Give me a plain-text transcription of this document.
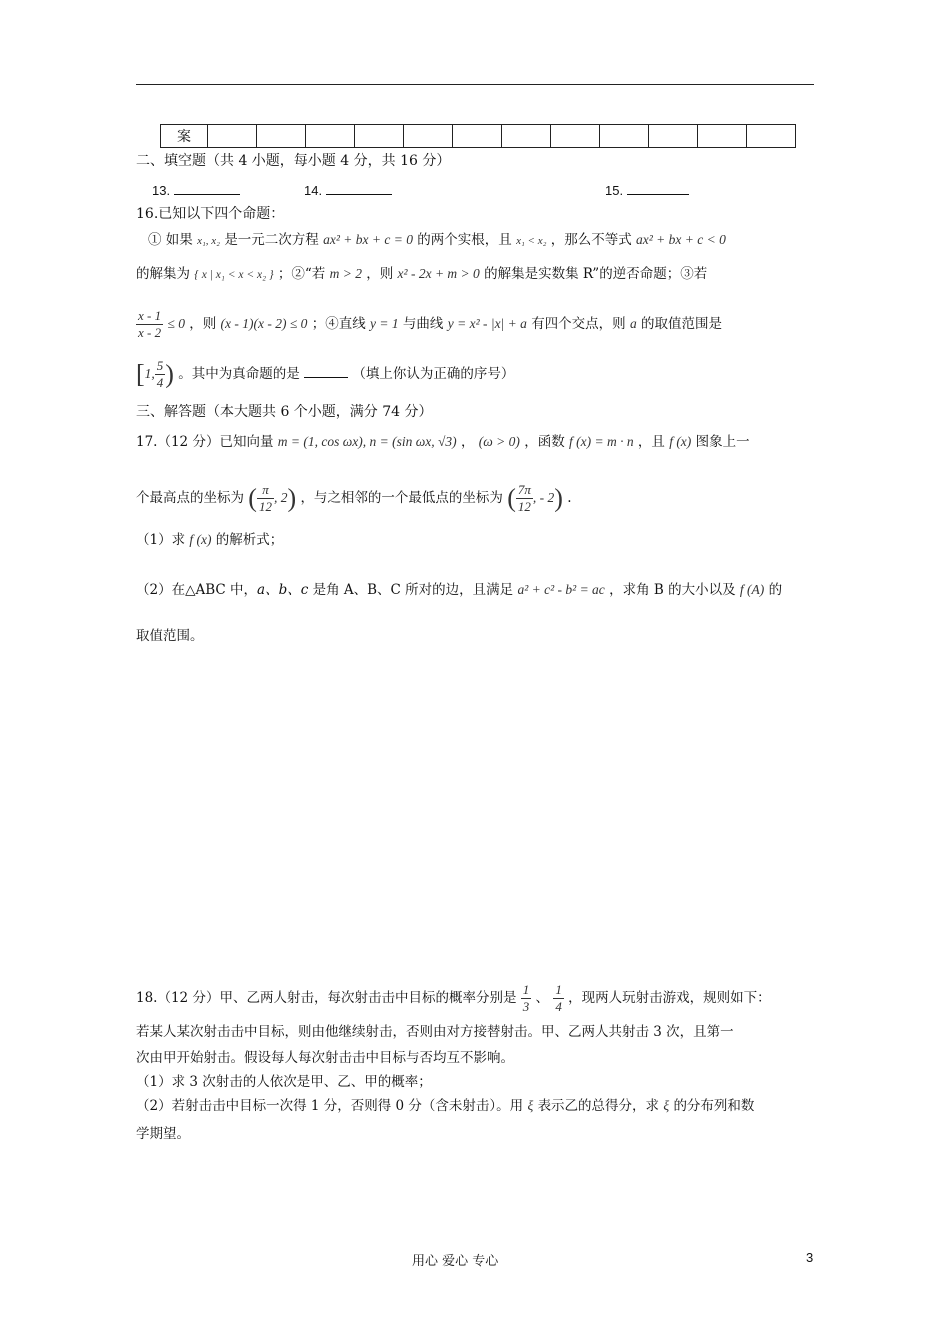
案												
二、填空题（共 4 小题，每小题 4 分，共 16 分）
13.	14.	15.
16.已知以下四个命题：
① 如果 x₁, x₂ 是一元二次方程 ax² + bx + c = 0 的两个实根，且 x₁ < x₂ ，那么不等式 ax² + bx + c < 0
的解集为 { x | x₁ < x < x₂ } ；②“若 m > 2 ，则 x² - 2x + m > 0 的解集是实数集 R”的逆否命题；③若
$\frac{x - 1}{x - 2} \le 0$ ，则 (x - 1)(x - 2) ≤ 0 ；④直线 y = 1 与曲线 y = x² - |x| + a 有四个交点，则 a 的取值范围是
[1, $\frac{5}{4}$ ) 。其中为真命题的是	（填上你认为正确的序号）
三、解答题（本大题共 6 个小题，满分 74 分）
17.（12 分）已知向量 m = (1, cos ωx), n = (sin ωx, √3) ， (ω > 0) ，函数 f (x) = m · n ，且 f (x) 图象上一
个最高点的坐标为 ( $\frac{\pi}{12}$ , 2) ，与之相邻的一个最低点的坐标为 ( $\frac{7\pi}{12}$ , - 2) .
（1）求 f (x) 的解析式；
（2）在△ABC 中，a、b、c 是角 A、B、C 所对的边，且满足 a² + c² - b² = ac ，求角 B 的大小以及 f (A) 的
取值范围。
18.（12 分）甲、乙两人射击，每次射击击中目标的概率分别是 $\frac{1}{3}$ 、 $\frac{1}{4}$ ，现两人玩射击游戏，规则如下：
若某人某次射击击中目标，则由他继续射击，否则由对方接替射击。甲、乙两人共射击 3 次，且第一
次由甲开始射击。假设每人每次射击击中目标与否均互不影响。
（1）求 3 次射击的人依次是甲、乙、甲的概率；
（2）若射击击中目标一次得 1 分，否则得 0 分（含未射击）。用 ξ 表示乙的总得分，求 ξ 的分布列和数
学期望。
用心 爱心 专心	3
